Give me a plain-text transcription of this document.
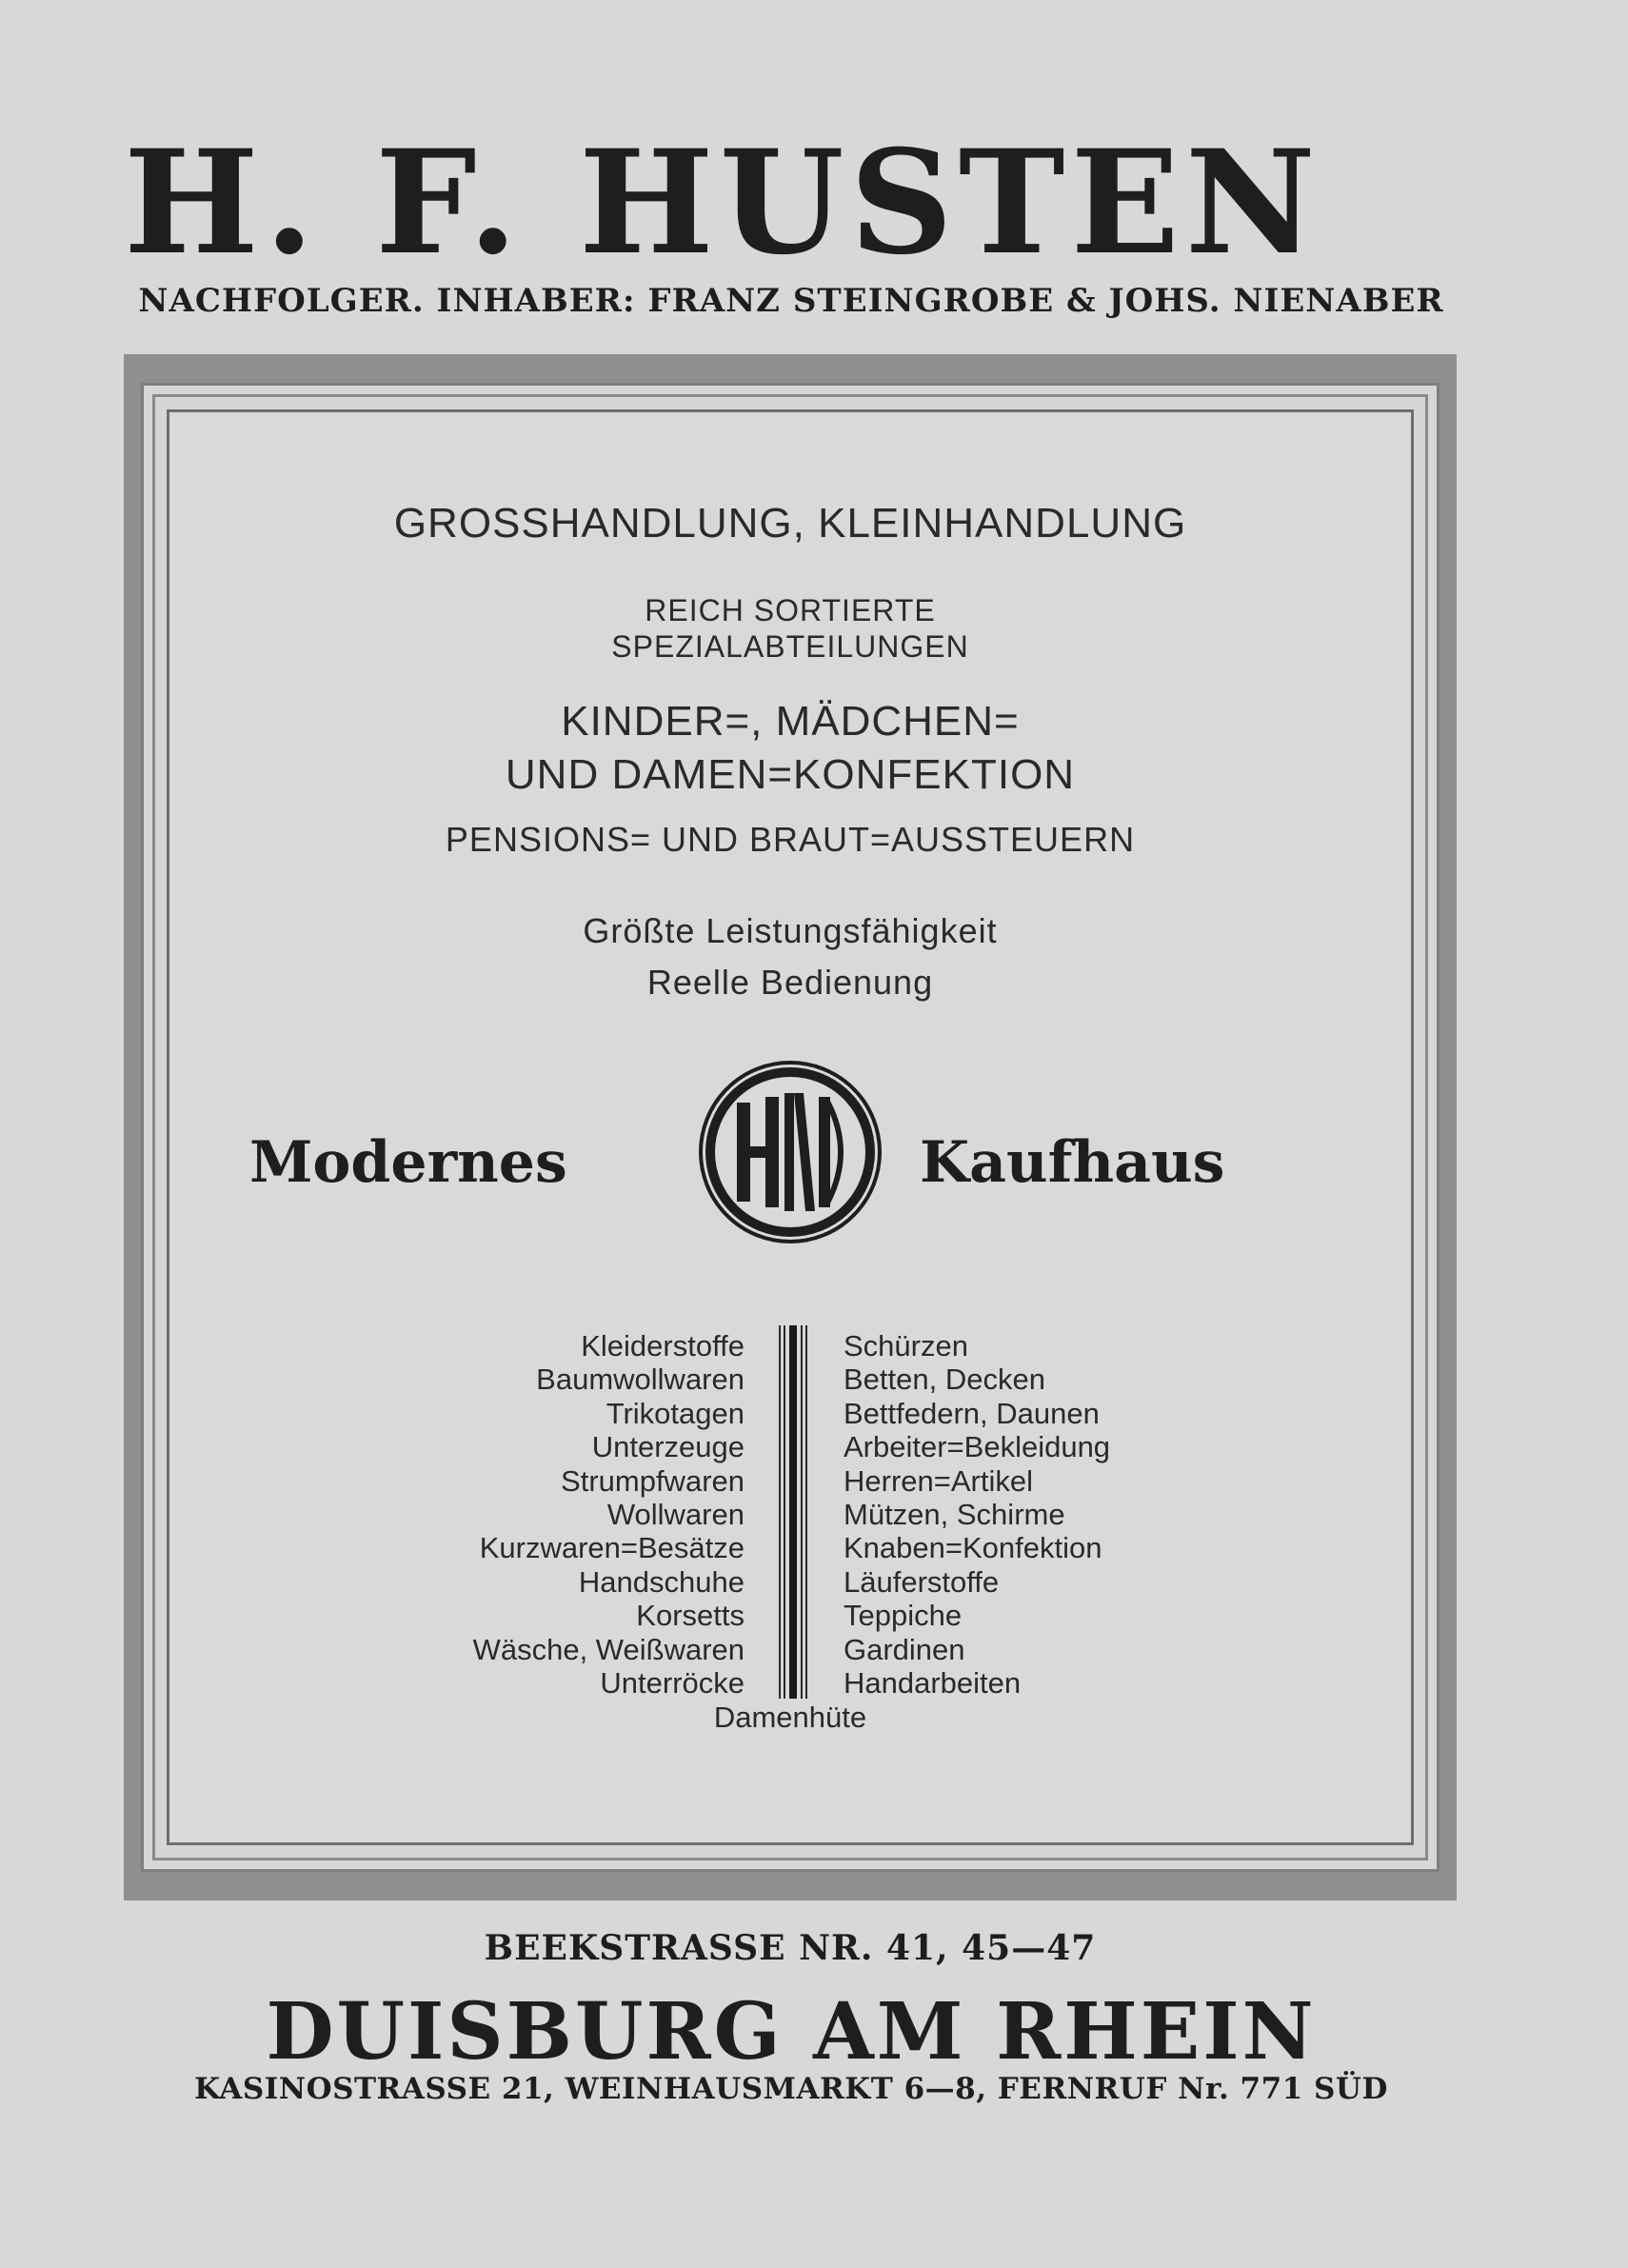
H. F. HUSTEN
NACHFOLGER. INHABER: FRANZ STEINGROBE & JOHS. NIENABER
GROSSHANDLUNG, KLEINHANDLUNG
REICH SORTIERTE
SPEZIALABTEILUNGEN
KINDER=, MÄDCHEN=
UND DAMEN=KONFEKTION
PENSIONS= UND BRAUT=AUSSTEUERN
Größte Leistungsfähigkeit
Reelle Bedienung
Modernes	Kaufhaus
Kleiderstoffe
Baumwollwaren
Trikotagen
Unterzeuge
Strumpfwaren
Wollwaren
Kurzwaren=Besätze
Handschuhe
Korsetts
Wäsche, Weißwaren
Unterröcke
Schürzen
Betten, Decken
Bettfedern, Daunen
Arbeiter=Bekleidung
Herren=Artikel
Mützen, Schirme
Knaben=Konfektion
Läuferstoffe
Teppiche
Gardinen
Handarbeiten
Damenhüte
BEEKSTRASSE NR. 41, 45—47
DUISBURG AM RHEIN
KASINOSTRASSE 21, WEINHAUSMARKT 6—8, FERNRUF Nr. 771 SÜD
